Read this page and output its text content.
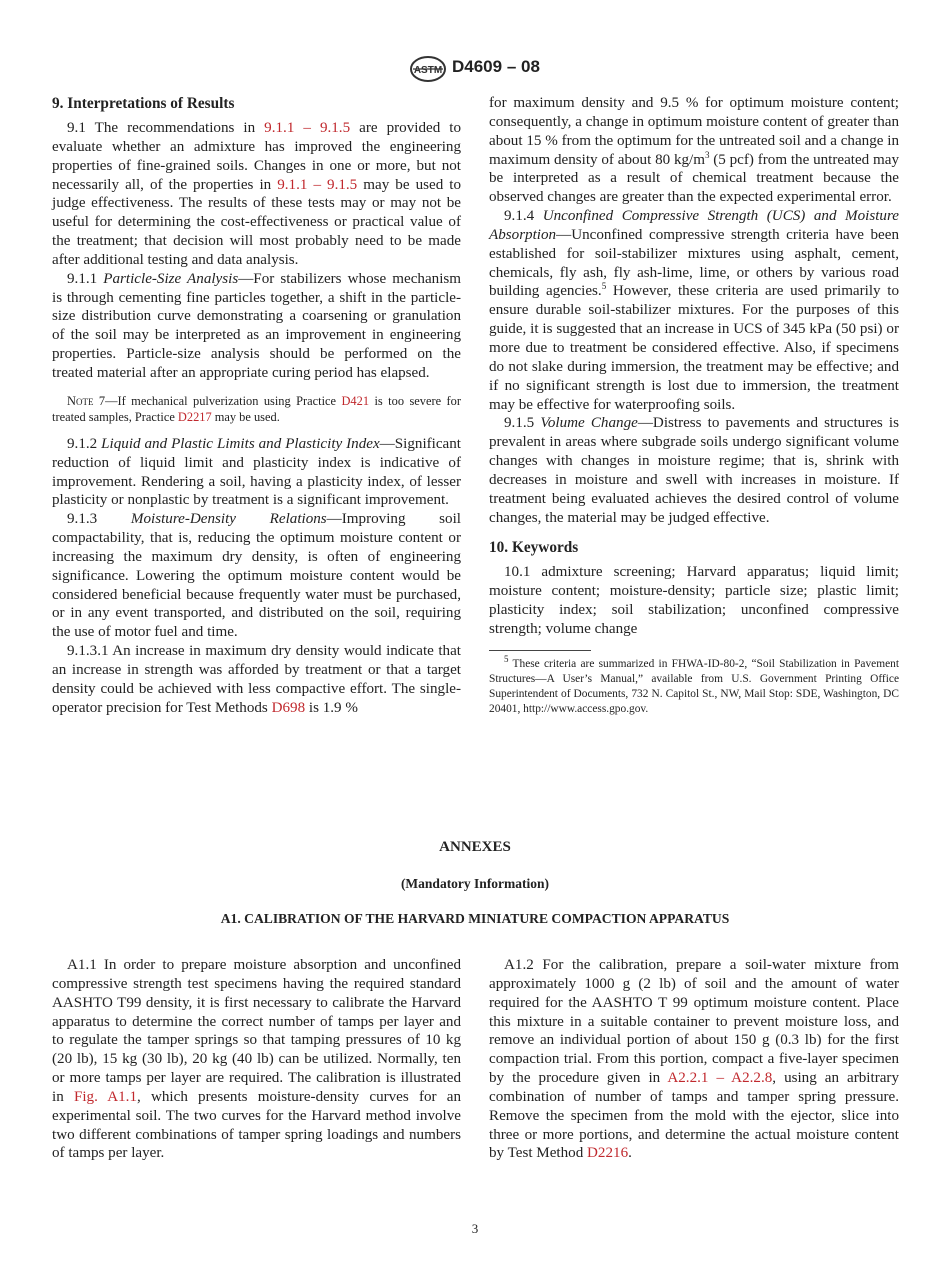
ASTM D4609 – 08
9. Interpretations of Results

9.1 The recommendations in 9.1.1 – 9.1.5 are provided to evaluate whether an admixture has improved the engineering properties of fine-grained soils. Changes in one or more, but not necessarily all, of the properties in 9.1.1 – 9.1.5 may be used to judge effectiveness. The results of these tests may or may not be useful for determining the cost-effectiveness or practical value of the treatment; that decision will most probably need to be made after additional testing and data analysis.

9.1.1 Particle-Size Analysis—For stabilizers whose mechanism is through cementing fine particles together, a shift in the particle-size distribution curve demonstrating a coarsening or granulation of the soil may be interpreted as an improvement in engineering properties. Particle-size analysis should be performed on the treated material after an appropriate curing period has elapsed.

Note 7—If mechanical pulverization using Practice D421 is too severe for treated samples, Practice D2217 may be used.

9.1.2 Liquid and Plastic Limits and Plasticity Index—Significant reduction of liquid limit and plasticity index is indicative of improvement. Rendering a soil, having a plasticity index, of lesser plasticity or nonplastic by treatment is a significant improvement.

9.1.3 Moisture-Density Relations—Improving soil compactability, that is, reducing the optimum moisture content or increasing the maximum dry density, is often of engineering significance. Lowering the optimum moisture content would be considered beneficial because frequently water must be purchased, or in any event transported, and distributed on the soil, requiring the use of motor fuel and time.

9.1.3.1 An increase in maximum dry density would indicate that an increase in strength was afforded by treatment or that a target density could be achieved with less compactive effort. The single-operator precision for Test Methods D698 is 1.9 %

for maximum density and 9.5 % for optimum moisture content; consequently, a change in optimum moisture content of greater than about 15 % from the optimum for the untreated soil and a change in maximum density of about 80 $kg/m^3$ (5 pcf) from the untreated may be interpreted as a result of chemical treatment because the observed changes are greater than the expected experimental error.

9.1.4 Unconfined Compressive Strength (UCS) and Moisture Absorption—Unconfined compressive strength criteria have been established for soil-stabilizer mixtures using asphalt, cement, chemicals, fly ash, fly ash-lime, lime, or others by various road building agencies.$^5$ However, these criteria are used primarily to ensure durable soil-stabilizer mixtures. For the purposes of this guide, it is suggested that an increase in UCS of 345 kPa (50 psi) or more due to treatment be considered effective. Also, if specimens do not slake during immersion, the treatment may be effective; and if no significant strength is lost due to immersion, the treatment may be effective for waterproofing soils.

9.1.5 Volume Change—Distress to pavements and structures is prevalent in areas where subgrade soils undergo significant volume changes with changes in moisture regime; that is, shrink with decreases in moisture and swell with increases in moisture. If treatment being evaluated achieves the desired control of volume changes, the material may be judged effective.

10. Keywords

10.1 admixture screening; Harvard apparatus; liquid limit; moisture content; moisture-density; particle size; plastic limit; plasticity index; soil stabilization; unconfined compressive strength; volume change

$^5$ These criteria are summarized in FHWA-ID-80-2, “Soil Stabilization in Pavement Structures—A User’s Manual,” available from U.S. Government Printing Office Superintendent of Documents, 732 N. Capitol St., NW, Mail Stop: SDE, Washington, DC 20401, http://www.access.gpo.gov.

ANNEXES
(Mandatory Information)
A1. CALIBRATION OF THE HARVARD MINIATURE COMPACTION APPARATUS

A1.1 In order to prepare moisture absorption and unconfined compressive strength test specimens having the required standard AASHTO T99 density, it is first necessary to calibrate the Harvard apparatus to determine the correct number of tamps per layer and to regulate the tamper springs so that tamping pressures of 10 kg (20 lb), 15 kg (30 lb), 20 kg (40 lb) can be utilized. Normally, ten or more tamps per layer are required. The calibration is illustrated in Fig. A1.1, which presents moisture-density curves for an experimental soil. The two curves for the Harvard method involve two different combinations of tamper spring loadings and numbers of tamps per layer.

A1.2 For the calibration, prepare a soil-water mixture from approximately 1000 g (2 lb) of soil and the amount of water required for the AASHTO T 99 optimum moisture content. Place this mixture in a suitable container to prevent moisture loss, and remove an individual portion of about 150 g (0.3 lb) for the first compaction trial. From this portion, compact a five-layer specimen by the procedure given in A2.2.1 – A2.2.8, using an arbitrary combination of number of tamps and tamper spring pressure. Remove the specimen from the mold with the ejector, slice into three or more portions, and determine the actual moisture content by Test Method D2216.

3
